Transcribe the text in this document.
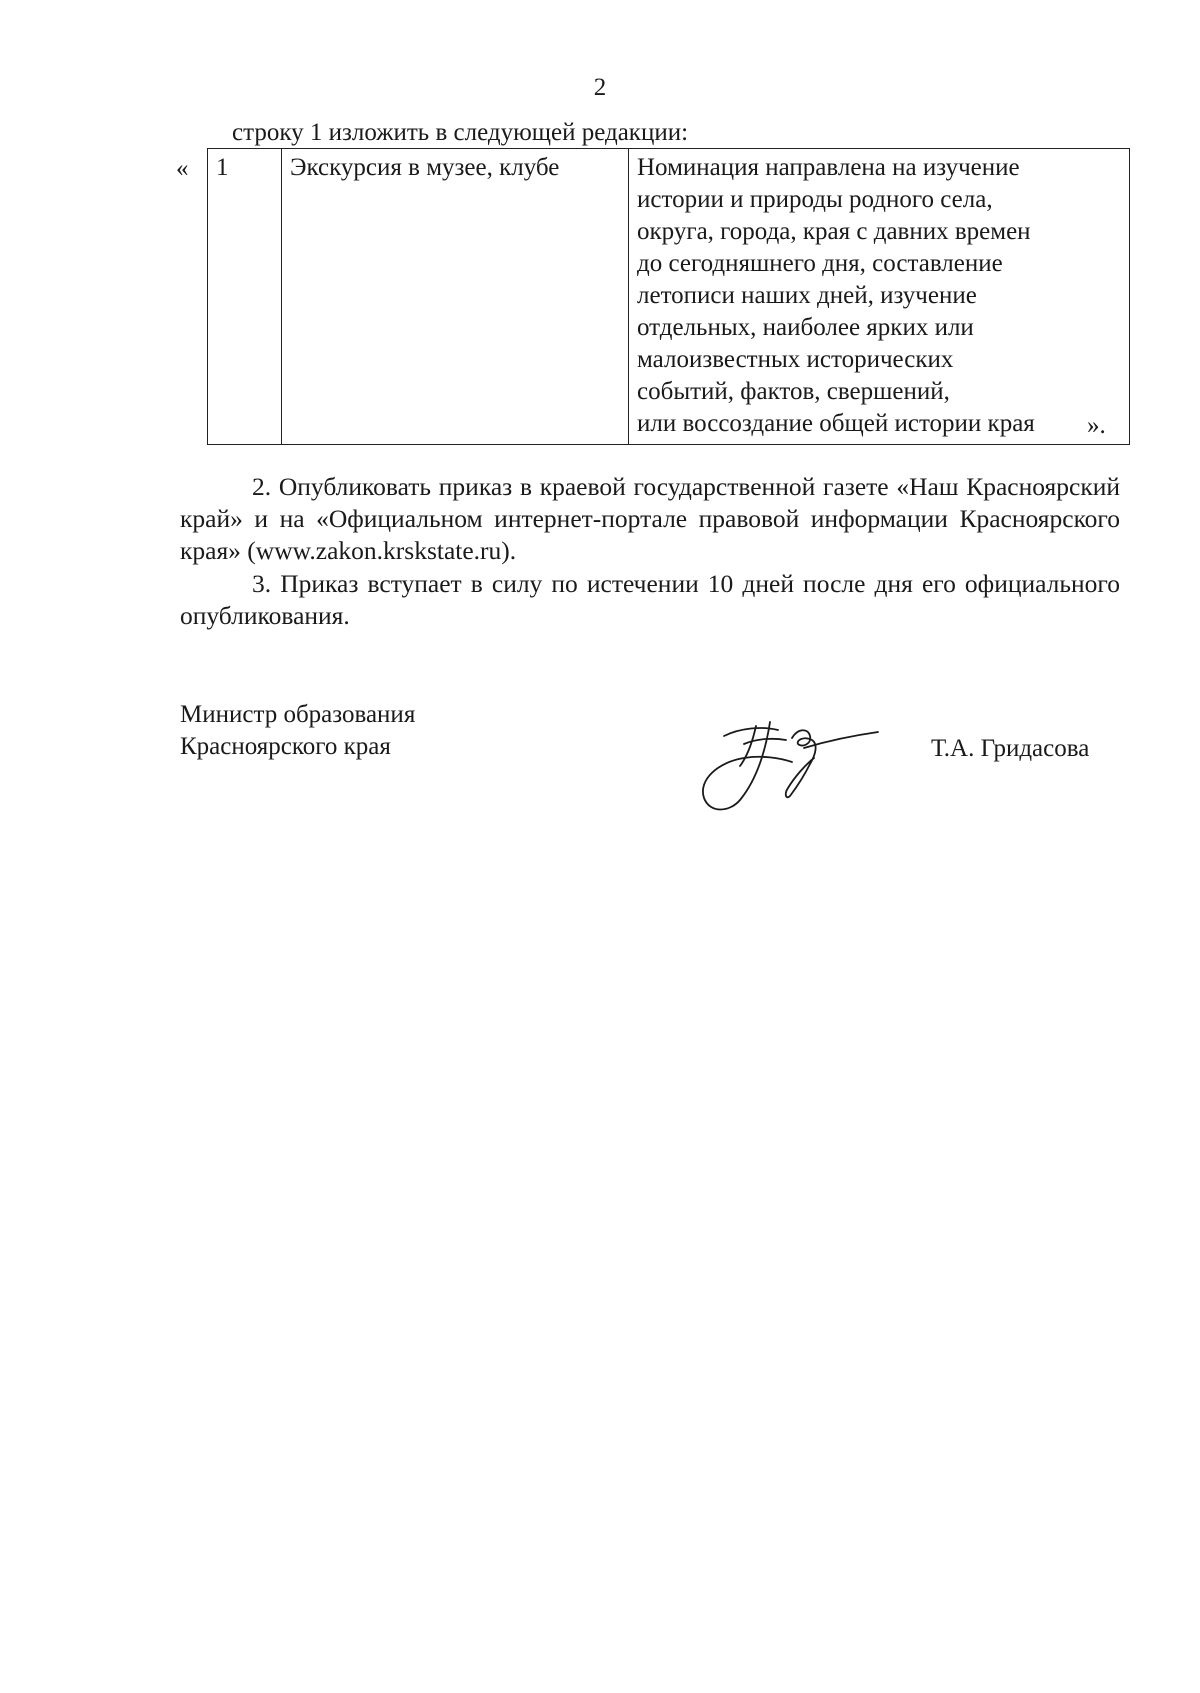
2
строку 1 изложить в следующей редакции:
« 1	Экскурсия в музее, клубе	Номинация направлена на изучение
истории и природы родного села,
округа, города, края с давних времен
до сегодняшнего дня, составление
летописи наших дней, изучение
отдельных, наиболее ярких или
малоизвестных исторических
событий, фактов, свершений,
или воссоздание общей истории края	».
2. Опубликовать приказ в краевой государственной газете «Наш Красноярский край» и на «Официальном интернет-портале правовой информации Красноярского края» (www.zakon.krskstate.ru).
3. Приказ вступает в силу по истечении 10 дней после дня его официального опубликования.
Министр образования
Красноярского края	Т.А. Гридасова
